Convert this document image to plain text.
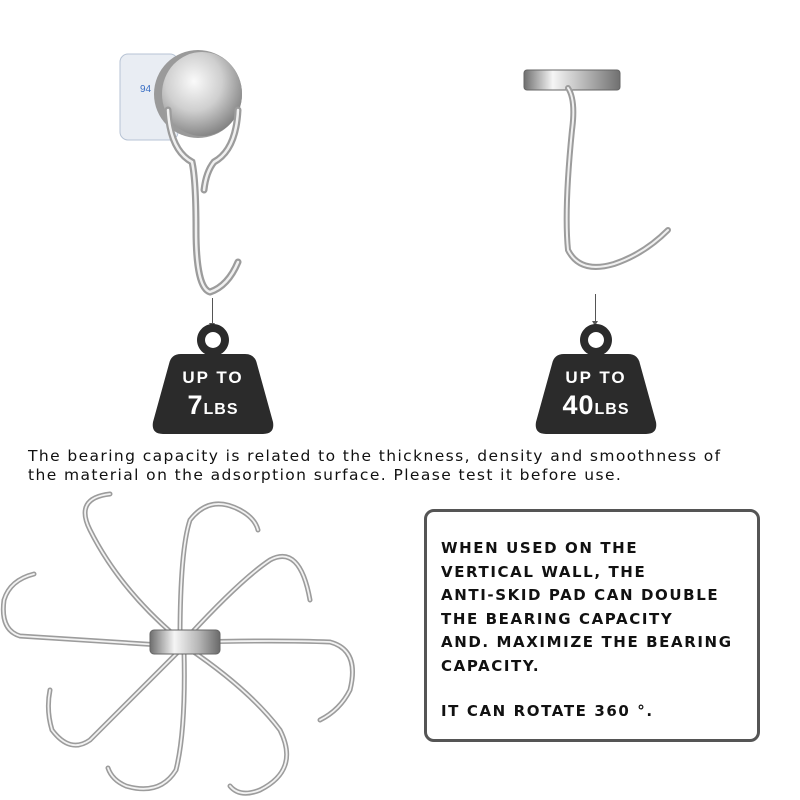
94
UP TO
7LBS
UP TO
40LBS
The bearing capacity is related to the thickness, density and smoothness of
the material on the adsorption surface. Please test it before use.
WHEN USED ON THE
VERTICAL WALL, THE
ANTI-SKID PAD CAN DOUBLE
THE BEARING CAPACITY
AND. MAXIMIZE THE BEARING
CAPACITY.
IT CAN ROTATE 360 °.
